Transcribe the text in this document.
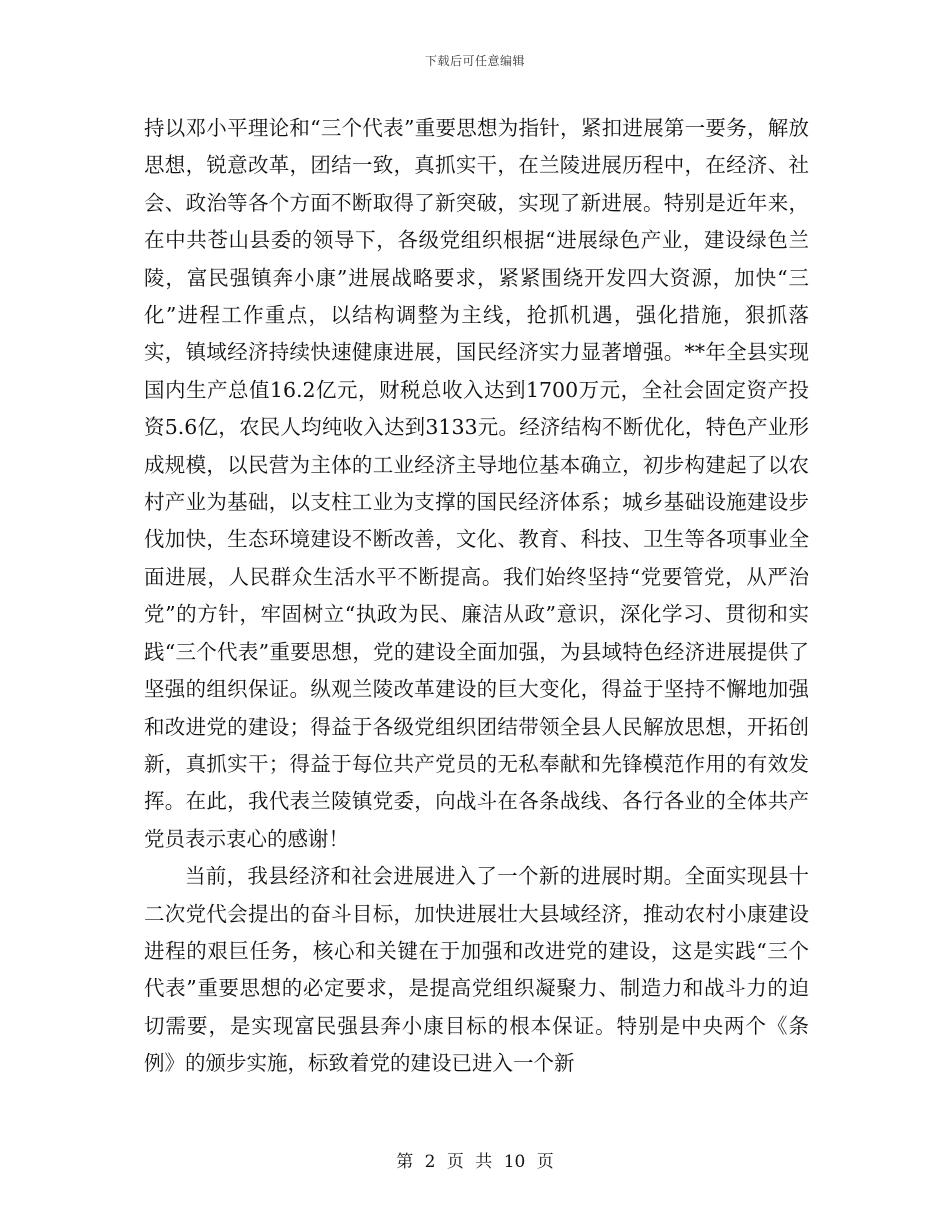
下载后可任意编辑

持以邓小平理论和“三个代表”重要思想为指针，紧扣进展第一要务，解放思想，锐意改革，团结一致，真抓实干，在兰陵进展历程中，在经济、社会、政治等各个方面不断取得了新突破，实现了新进展。特别是近年来，在中共苍山县委的领导下，各级党组织根据“进展绿色产业，建设绿色兰陵，富民强镇奔小康”进展战略要求，紧紧围绕开发四大资源，加快“三化”进程工作重点，以结构调整为主线，抢抓机遇，强化措施，狠抓落实，镇域经济持续快速健康进展，国民经济实力显著增强。**年全县实现国内生产总值16.2亿元，财税总收入达到1700万元，全社会固定资产投资5.6亿，农民人均纯收入达到3133元。经济结构不断优化，特色产业形成规模，以民营为主体的工业经济主导地位基本确立，初步构建起了以农村产业为基础，以支柱工业为支撑的国民经济体系；城乡基础设施建设步伐加快，生态环境建设不断改善，文化、教育、科技、卫生等各项事业全面进展，人民群众生活水平不断提高。我们始终坚持“党要管党，从严治党”的方针，牢固树立“执政为民、廉洁从政”意识，深化学习、贯彻和实践“三个代表”重要思想，党的建设全面加强，为县域特色经济进展提供了坚强的组织保证。纵观兰陵改革建设的巨大变化，得益于坚持不懈地加强和改进党的建设；得益于各级党组织团结带领全县人民解放思想，开拓创新，真抓实干；得益于每位共产党员的无私奉献和先锋模范作用的有效发挥。在此，我代表兰陵镇党委，向战斗在各条战线、各行各业的全体共产党员表示衷心的感谢！

当前，我县经济和社会进展进入了一个新的进展时期。全面实现县十二次党代会提出的奋斗目标，加快进展壮大县域经济，推动农村小康建设进程的艰巨任务，核心和关键在于加强和改进党的建设，这是实践“三个代表”重要思想的必定要求，是提高党组织凝聚力、制造力和战斗力的迫切需要，是实现富民强县奔小康目标的根本保证。特别是中央两个《条例》的颁步实施，标致着党的建设已进入一个新

第 2 页 共 10 页
